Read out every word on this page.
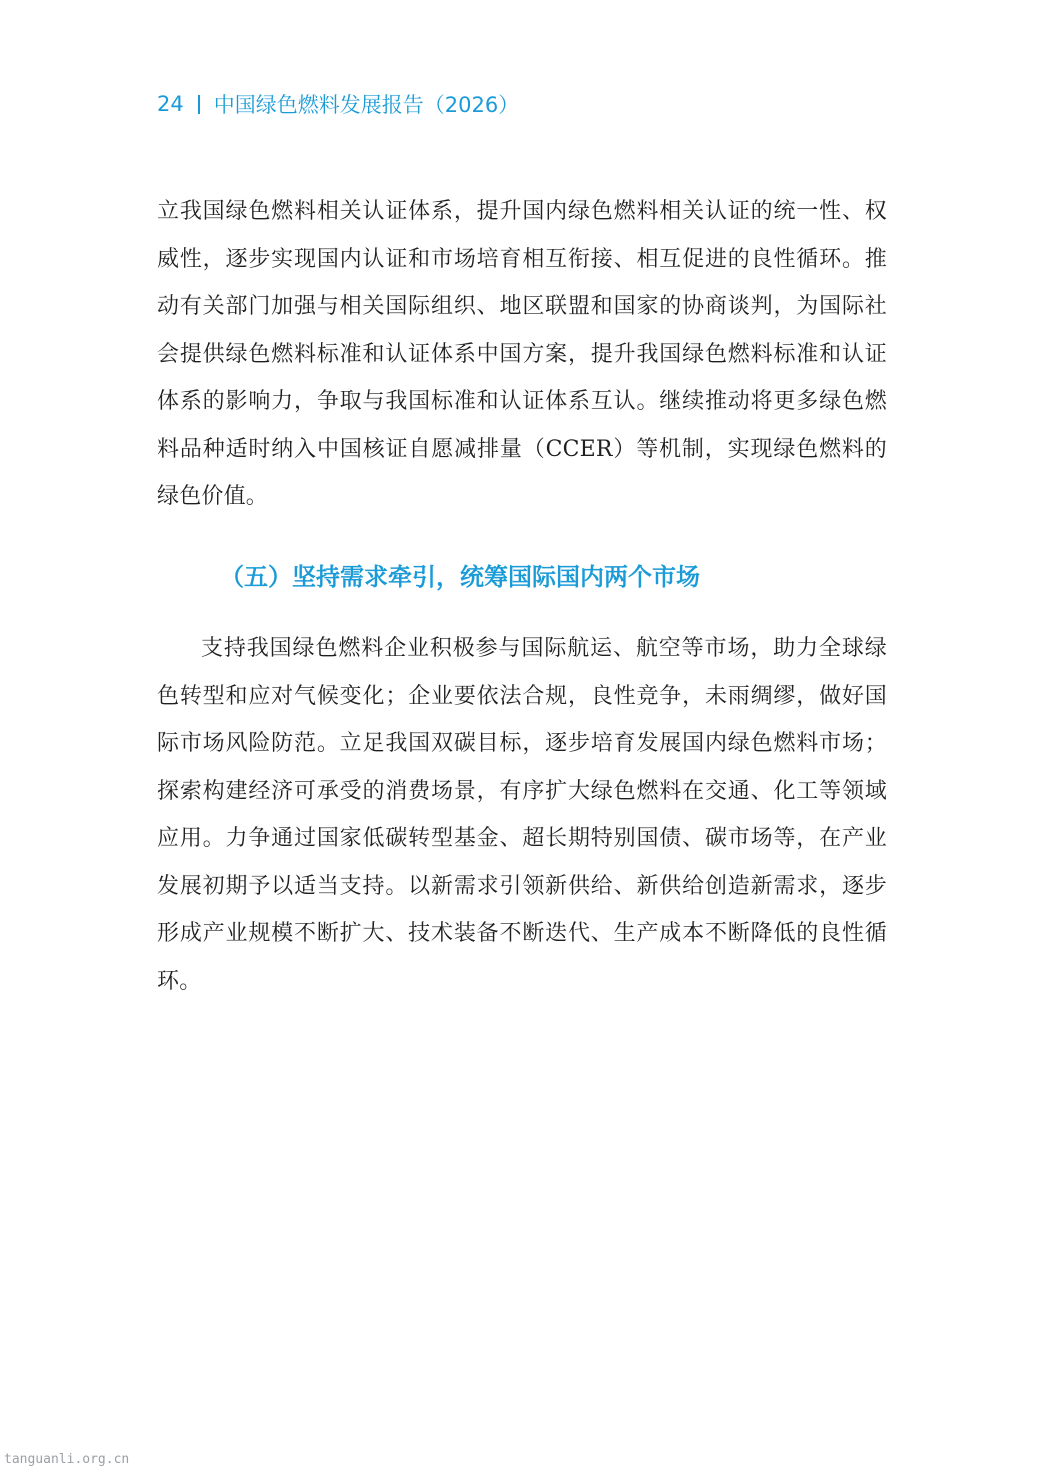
24 中国绿色燃料发展报告（2026）

立我国绿色燃料相关认证体系，提升国内绿色燃料相关认证的统一性、权威性，逐步实现国内认证和市场培育相互衔接、相互促进的良性循环。推动有关部门加强与相关国际组织、地区联盟和国家的协商谈判，为国际社会提供绿色燃料标准和认证体系中国方案，提升我国绿色燃料标准和认证体系的影响力，争取与我国标准和认证体系互认。继续推动将更多绿色燃料品种适时纳入中国核证自愿减排量（CCER）等机制，实现绿色燃料的绿色价值。

（五）坚持需求牵引，统筹国际国内两个市场

支持我国绿色燃料企业积极参与国际航运、航空等市场，助力全球绿色转型和应对气候变化；企业要依法合规，良性竞争，未雨绸缪，做好国际市场风险防范。立足我国双碳目标，逐步培育发展国内绿色燃料市场；探索构建经济可承受的消费场景，有序扩大绿色燃料在交通、化工等领域应用。力争通过国家低碳转型基金、超长期特别国债、碳市场等，在产业发展初期予以适当支持。以新需求引领新供给、新供给创造新需求，逐步形成产业规模不断扩大、技术装备不断迭代、生产成本不断降低的良性循环。

tanguanli.org.cn
